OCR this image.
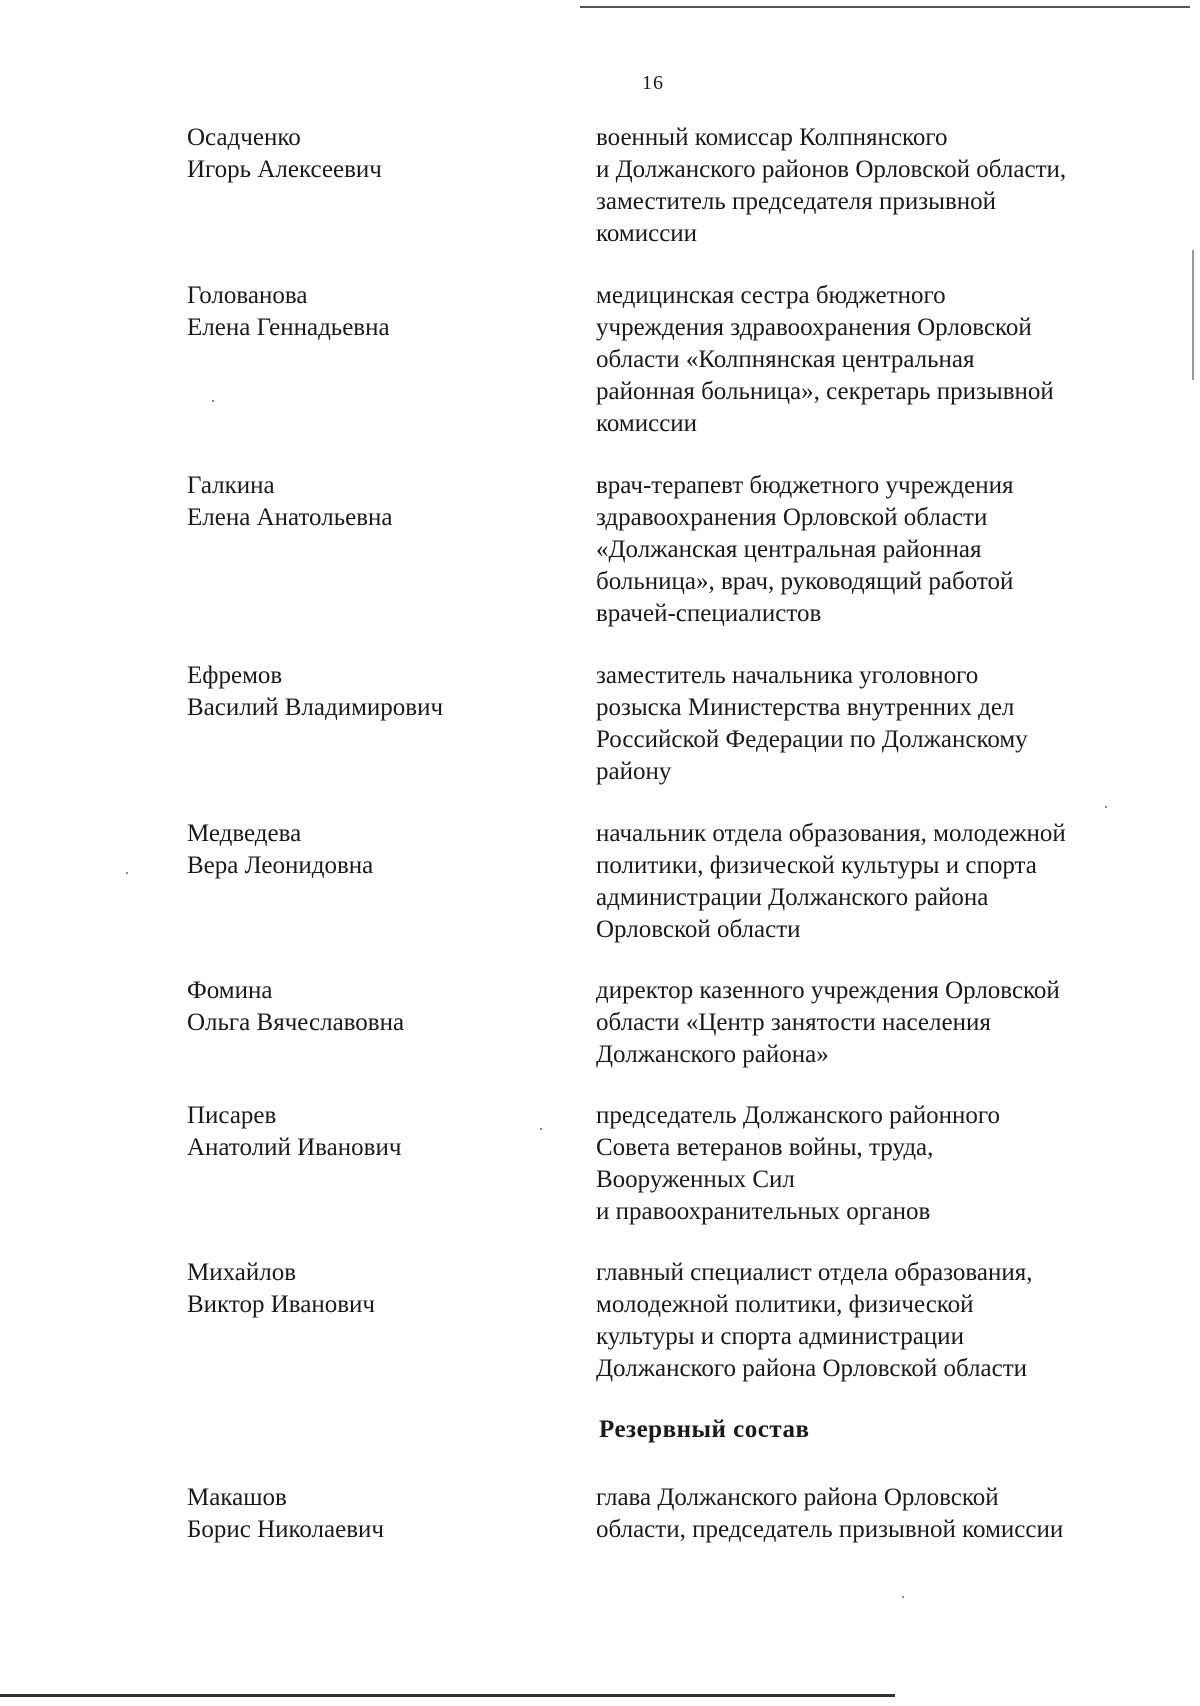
16
Осадченко
Игорь Алексеевич
военный комиссар Колпнянского
и Должанского районов Орловской области,
заместитель председателя призывной
комиссии
Голованова
Елена Геннадьевна
медицинская сестра бюджетного
учреждения здравоохранения Орловской
области «Колпнянская центральная
районная больница», секретарь призывной
комиссии
Галкина
Елена Анатольевна
врач-терапевт бюджетного учреждения
здравоохранения Орловской области
«Должанская центральная районная
больница», врач, руководящий работой
врачей-специалистов
Ефремов
Василий Владимирович
заместитель начальника уголовного
розыска Министерства внутренних дел
Российской Федерации по Должанскому
району
Медведева
Вера Леонидовна
начальник отдела образования, молодежной
политики, физической культуры и спорта
администрации Должанского района
Орловской области
Фомина
Ольга Вячеславовна
директор казенного учреждения Орловской
области «Центр занятости населения
Должанского района»
Писарев
Анатолий Иванович
председатель Должанского районного
Совета ветеранов войны, труда,
Вооруженных Сил
и правоохранительных органов
Михайлов
Виктор Иванович
главный специалист отдела образования,
молодежной политики, физической
культуры и спорта администрации
Должанского района Орловской области
Резервный состав
Макашов
Борис Николаевич
глава Должанского района Орловской
области, председатель призывной комиссии
